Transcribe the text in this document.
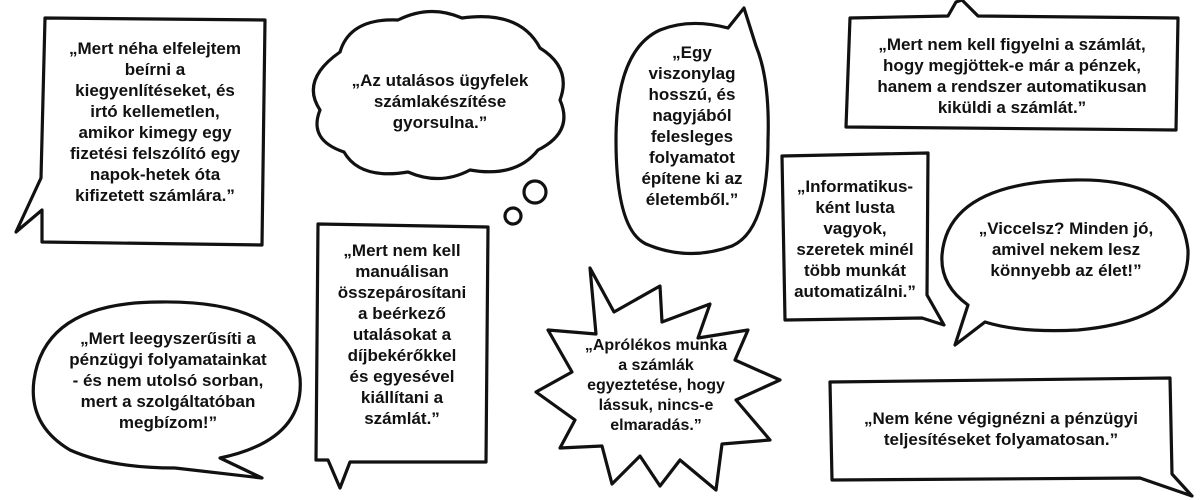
„Mert néha elfelejtem
beírni a
kiegyenlítéseket, és
irtó kellemetlen,
amikor kimegy egy
fizetési felszólító egy
napok-hetek óta
kifizetett számlára.”
„Az utalásos ügyfelek
számlakészítése
gyorsulna.”
„Egy
viszonylag
hosszú, és
nagyjából
felesleges
folyamatot
építene ki az
életemből.”
„Mert nem kell figyelni a számlát,
hogy megjöttek-e már a pénzek,
hanem a rendszer automatikusan
kiküldi a számlát.”
„Informatikus-
ként lusta
vagyok,
szeretek minél
több munkát
automatizálni.”
„Viccelsz? Minden jó,
amivel nekem lesz
könnyebb az élet!”
„Mert nem kell
manuálisan
összepárosítani
a beérkező
utalásokat a
díjbekérőkkel
és egyesével
kiállítani a
számlát.”
„Mert leegyszerűsíti a
pénzügyi folyamatainkat
- és nem utolsó sorban,
mert a szolgáltatóban
megbízom!”
„Aprólékos munka
a számlák
egyeztetése, hogy
lássuk, nincs-e
elmaradás.”	„Nem kéne végignézni a pénzügyi
teljesítéseket folyamatosan.”
